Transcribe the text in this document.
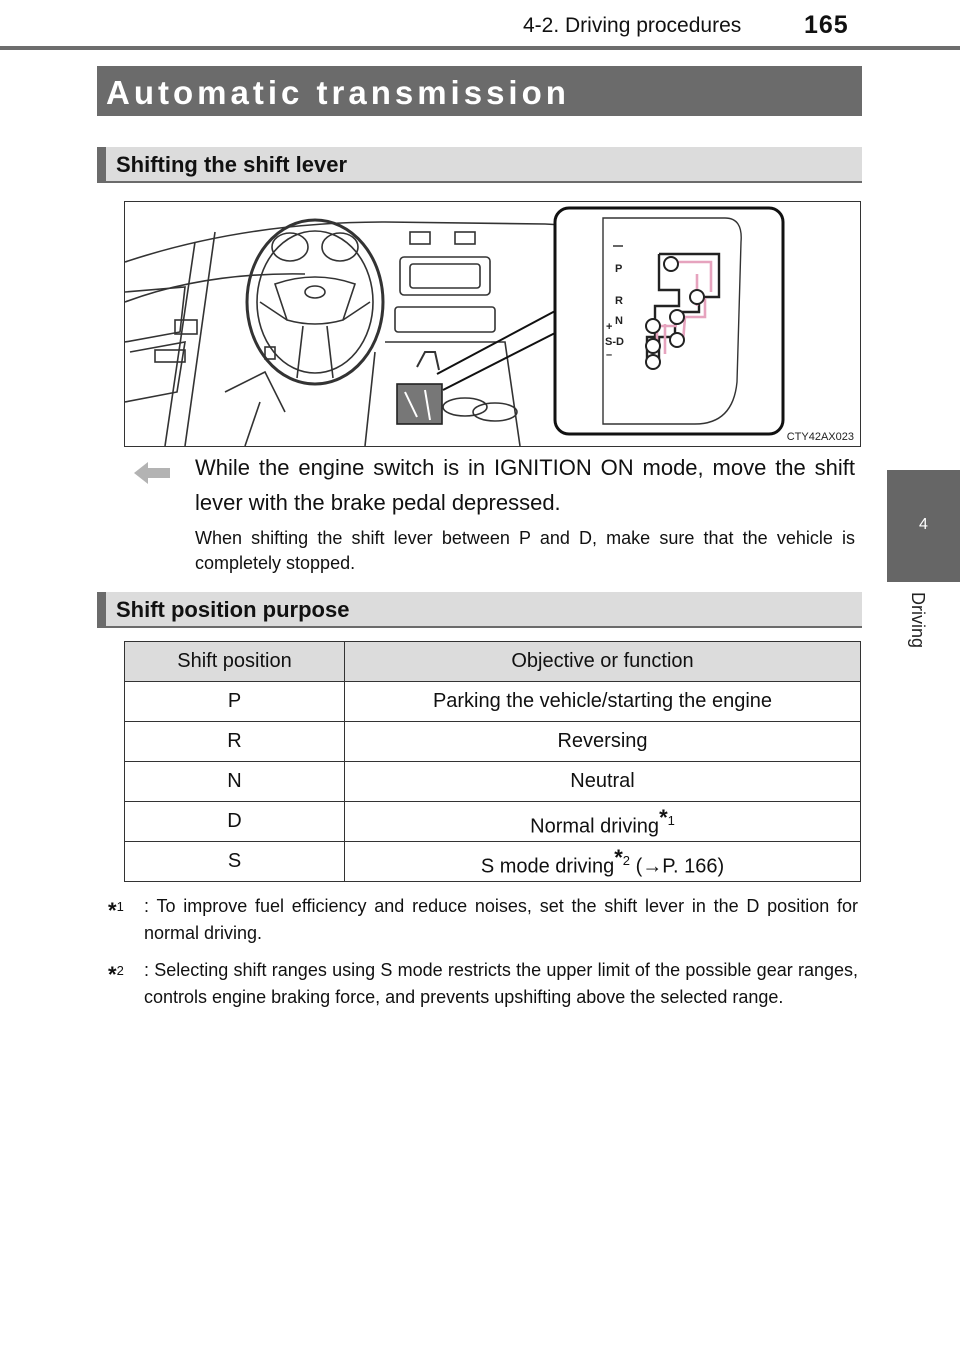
4-2. Driving procedures	165
4
Driving
Automatic transmission
Shifting the shift lever
P
R
N
+
S-D
–
CTY42AX023
While the engine switch is in IGNITION ON mode, move the shift lever with the brake pedal depressed.
When shifting the shift lever between P and D, make sure that the vehicle is completely stopped.
Shift position purpose
Shift position	Objective or function
P	Parking the vehicle/starting the engine
R	Reversing
N	Neutral
D	Normal driving$^{*1}$
S	S mode driving$^{*2}$ (→P. 166)
*$^1$ : To improve fuel efficiency and reduce noises, set the shift lever in the D position for normal driving.
*$^2$ : Selecting shift ranges using S mode restricts the upper limit of the possible gear ranges, controls engine braking force, and prevents upshifting above the selected range.
